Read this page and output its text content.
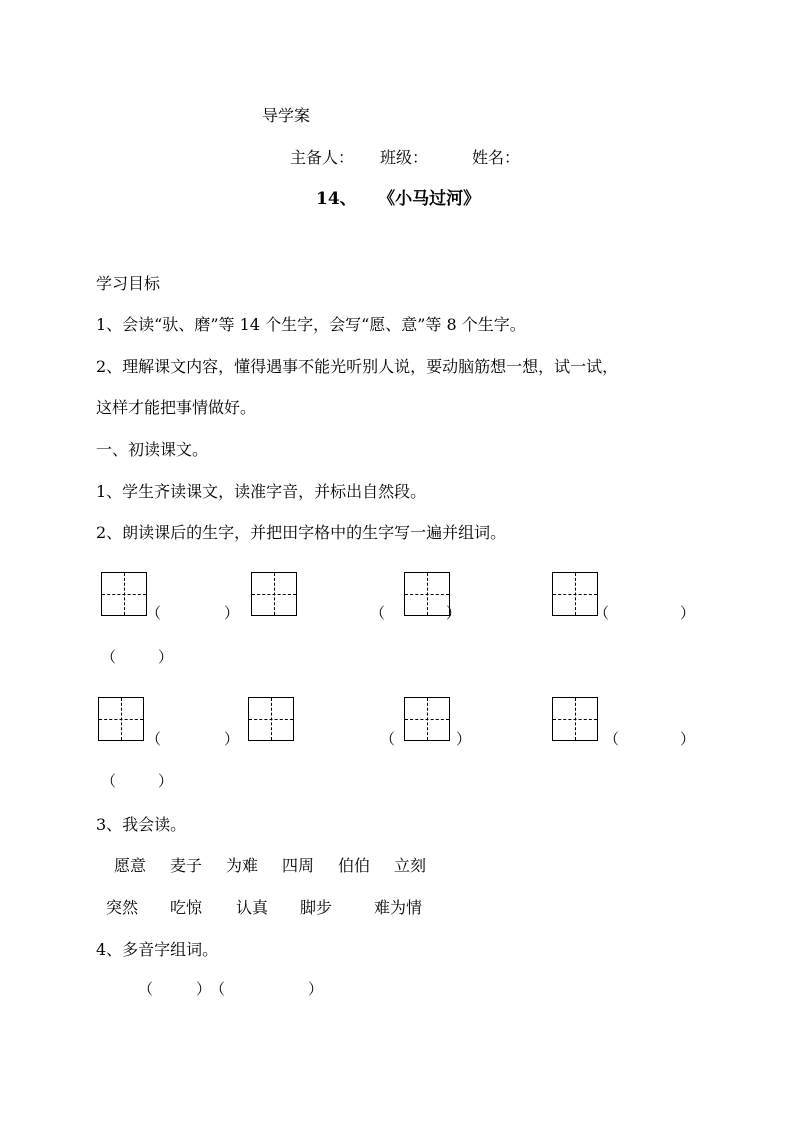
导学案
主备人： 班级：	姓名：
14、 《小马过河》
学习目标
1、会读“驮、磨”等 14 个生字，会写“愿、意”等 8 个生字。
2、理解课文内容，懂得遇事不能光听别人说，要动脑筋想一想，试一试，
这样才能把事情做好。
一、初读课文。
1、学生齐读课文，读准字音，并标出自然段。
2、朗读课后的生字，并把田字格中的生字写一遍并组词。
（	）	（	）	（	）
（	）
（	）	（	）	（	）
（	）
3、我会读。
愿意 麦子 为难 四周 伯伯 立刻
突然 吃惊 认真 脚步	难为情
4、多音字组词。
（	）
（	）
